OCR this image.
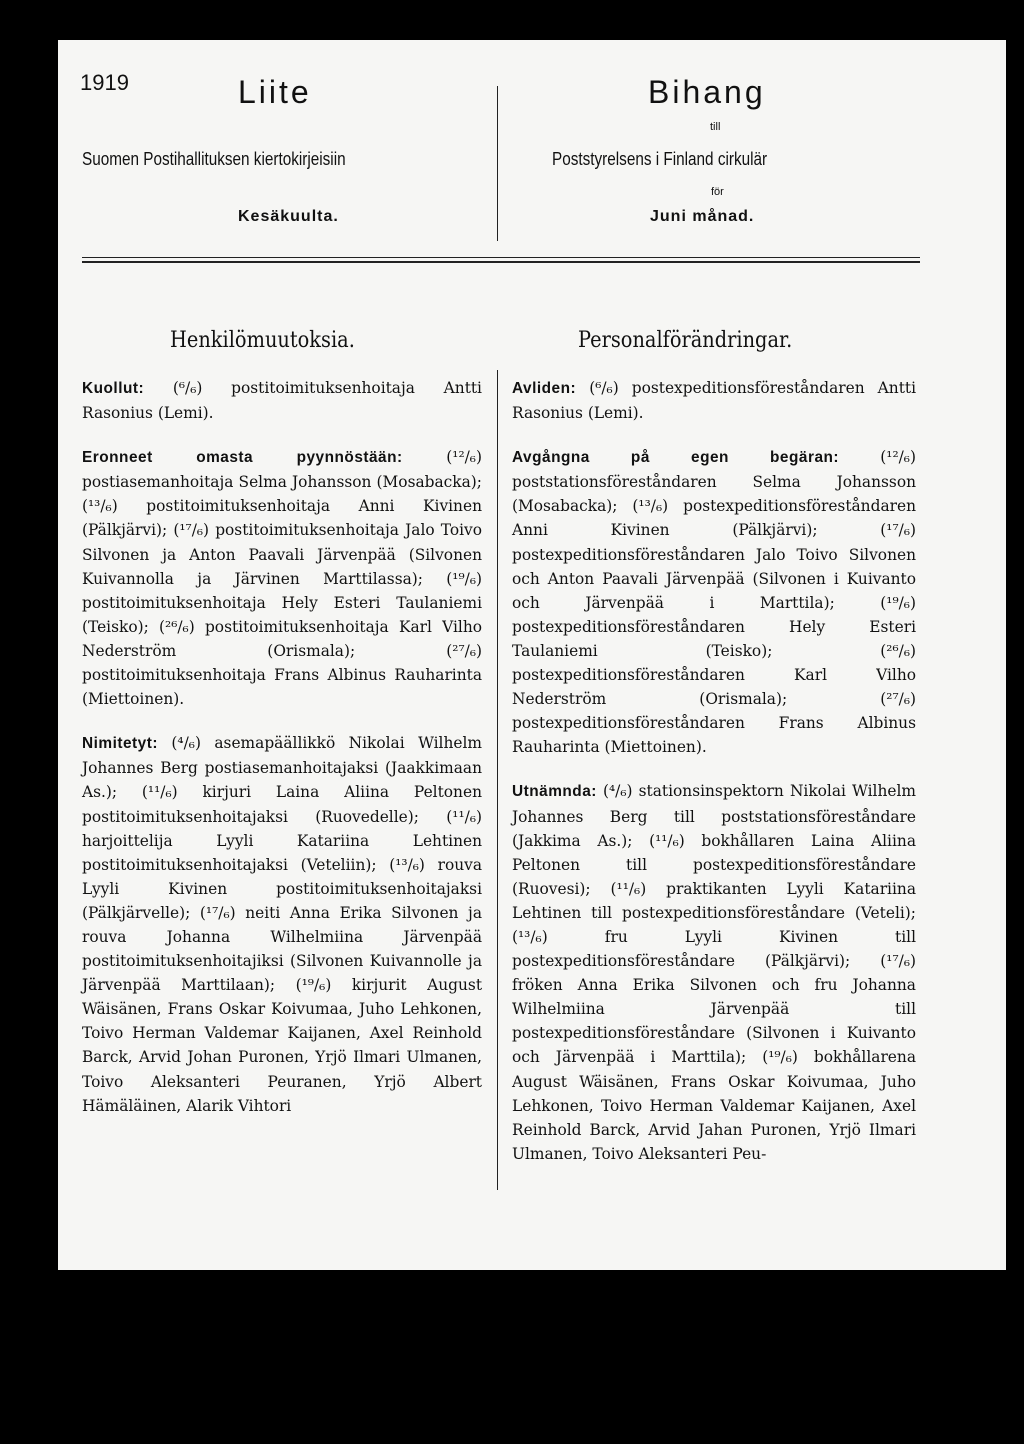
1919	Liite	Bihang
till
Suomen Postihallituksen kiertokirjeisiin	Poststyrelsens i Finland cirkulär
för
Kesäkuulta.	Juni månad.
Henkilömuutoksia.	Personalförändringar.

Kuollut: (⁶/₆) postitoimituksenhoitaja Antti Rasonius (Lemi).

Eronneet omasta pyynnöstään:	(¹²/₆) postiasemanhoitaja Selma Johansson (Mosabacka); (¹³/₆) postitoimituksenhoitaja Anni Kivinen (Pälkjärvi); (¹⁷/₆) postitoimituksenhoitaja Jalo Toivo Silvonen ja Anton Paavali Järvenpää (Silvonen Kuivannolla ja Järvinen Marttilassa); (¹⁹/₆) postitoimituksenhoitaja Hely Esteri Taulaniemi (Teisko); (²⁶/₆) postitoimituksenhoitaja Karl Vilho Nederström (Orismala); (²⁷/₆) postitoimituksenhoitaja Frans Albinus Rauharinta (Miettoinen).

Nimitetyt: (⁴/₆) asemapäällikkö Nikolai Wilhelm Johannes Berg postiasemanhoitajaksi (Jaakkimaan As.); (¹¹/₆) kirjuri Laina Aliina Peltonen postitoimituksenhoitajaksi (Ruovedelle); (¹¹/₆) harjoittelija Lyyli Katariina Lehtinen postitoimituksenhoitajaksi (Veteliin); (¹³/₆) rouva Lyyli Kivinen postitoimituksenhoitajaksi (Pälkjärvelle); (¹⁷/₆) neiti Anna Erika Silvonen ja rouva Johanna Wilhelmiina Järvenpää postitoimituksenhoitajiksi (Silvonen Kuivannolle ja Järvenpää Marttilaan); (¹⁹/₆) kirjurit August Wäisänen, Frans Oskar Koivumaa, Juho Lehkonen, Toivo Herman Valdemar Kaijanen, Axel Reinhold Barck, Arvid Johan Puronen, Yrjö Ilmari Ulmanen, Toivo Aleksanteri Peuranen, Yrjö Albert Hämäläinen, Alarik Vihtori

Avliden: (⁶/₆) postexpeditionsföreståndaren Antti Rasonius (Lemi).

Avgångna på egen begäran:	(¹²/₆) poststationsföreståndaren Selma Johansson (Mosabacka); (¹³/₆) postexpeditionsföreståndaren Anni Kivinen (Pälkjärvi); (¹⁷/₆) postexpeditionsföreståndaren Jalo Toivo Silvonen och Anton Paavali Järvenpää (Silvonen i Kuivanto och Järvenpää i Marttila); (¹⁹/₆) postexpeditionsföreståndaren Hely Esteri Taulaniemi (Teisko); (²⁶/₆) postexpeditionsföreståndaren Karl Vilho Nederström (Orismala); (²⁷/₆) postexpeditionsföreståndaren Frans Albinus Rauharinta (Miettoinen).

Utnämnda: (⁴/₆) stationsinspektorn Nikolai Wilhelm Johannes Berg till poststationsföreståndare (Jakkima As.); (¹¹/₆) bokhållaren Laina Aliina Peltonen till postexpeditionsföreståndare (Ruovesi); (¹¹/₆) praktikanten Lyyli Katariina Lehtinen till postexpeditionsföreståndare (Veteli); (¹³/₆) fru Lyyli Kivinen till postexpeditionsföreståndare (Pälkjärvi); (¹⁷/₆) fröken Anna Erika Silvonen och fru Johanna Wilhelmiina Järvenpää till postexpeditionsföreståndare (Silvonen i Kuivanto och Järvenpää i Marttila); (¹⁹/₆) bokhållarena August Wäisänen, Frans Oskar Koivumaa, Juho Lehkonen, Toivo Herman Valdemar Kaijanen, Axel Reinhold Barck, Arvid Jahan Puronen, Yrjö Ilmari Ulmanen, Toivo Aleksanteri Peu-
